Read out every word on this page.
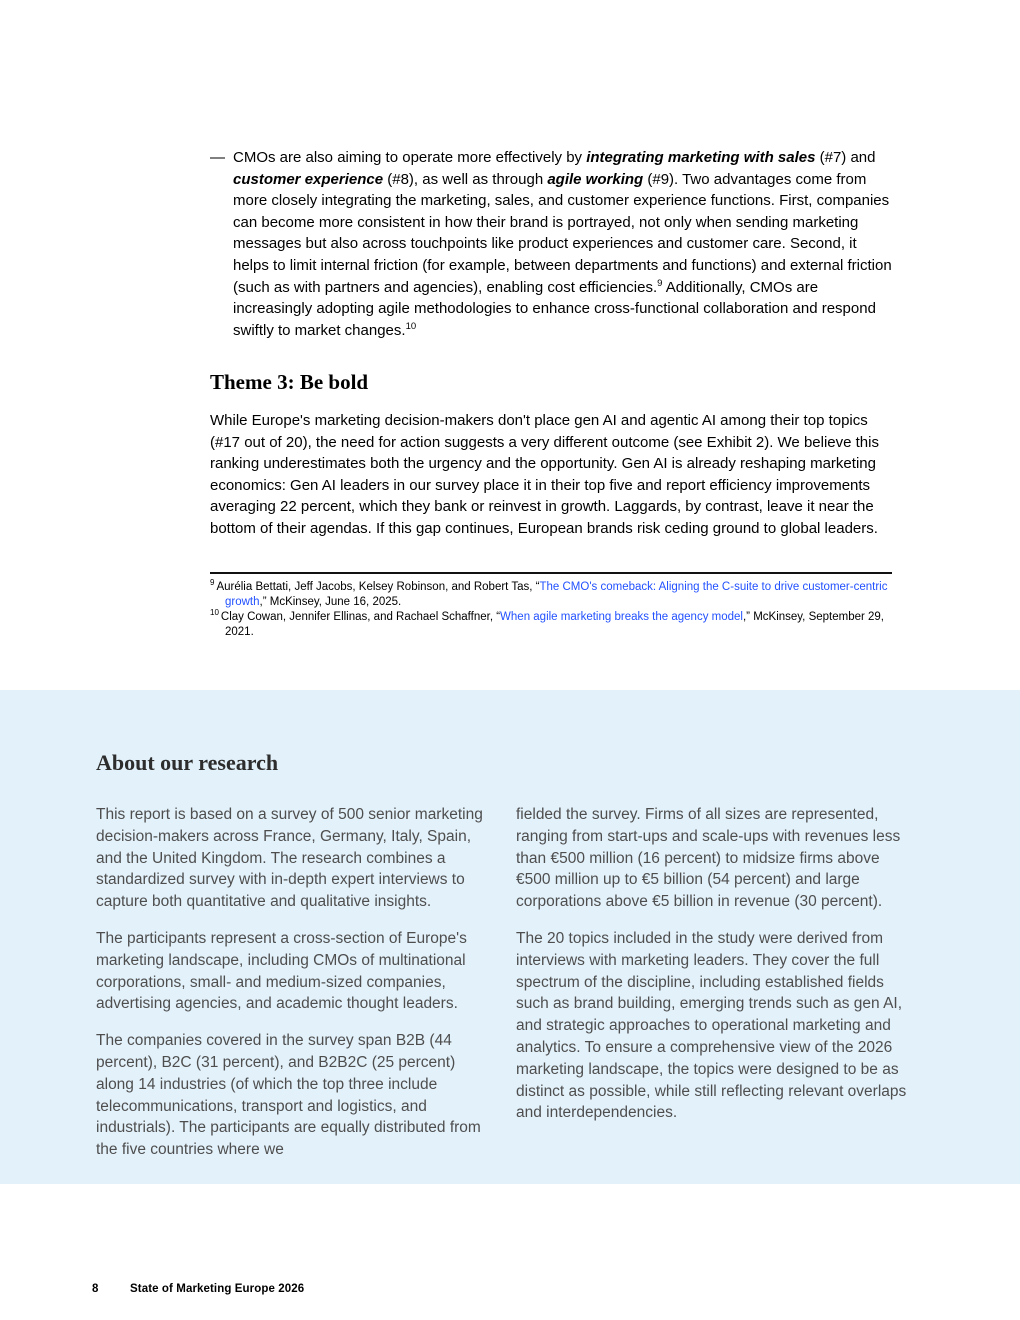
— CMOs are also aiming to operate more effectively by integrating marketing with sales (#7) and customer experience (#8), as well as through agile working (#9). Two advantages come from more closely integrating the marketing, sales, and customer experience functions. First, companies can become more consistent in how their brand is portrayed, not only when sending marketing messages but also across touchpoints like product experiences and customer care. Second, it helps to limit internal friction (for example, between departments and functions) and external friction (such as with partners and agencies), enabling cost efficiencies.$^9$ Additionally, CMOs are increasingly adopting agile methodologies to enhance cross-functional collaboration and respond swiftly to market changes.$^{10}$

Theme 3: Be bold

While Europe's marketing decision-makers don't place gen AI and agentic AI among their top topics (#17 out of 20), the need for action suggests a very different outcome (see Exhibit 2). We believe this ranking underestimates both the urgency and the opportunity. Gen AI is already reshaping marketing economics: Gen AI leaders in our survey place it in their top five and report efficiency improvements averaging 22 percent, which they bank or reinvest in growth. Laggards, by contrast, leave it near the bottom of their agendas. If this gap continues, European brands risk ceding ground to global leaders.

$^9$ Aurélia Bettati, Jeff Jacobs, Kelsey Robinson, and Robert Tas, “The CMO's comeback: Aligning the C-suite to drive customer-centric growth,” McKinsey, June 16, 2025.
$^{10}$ Clay Cowan, Jennifer Ellinas, and Rachael Schaffner, “When agile marketing breaks the agency model,” McKinsey, September 29, 2021.
About our research

This report is based on a survey of 500 senior marketing decision-makers across France, Germany, Italy, Spain, and the United Kingdom. The research combines a standardized survey with in-depth expert interviews to capture both quantitative and qualitative insights.

The participants represent a cross-section of Europe's marketing landscape, including CMOs of multinational corporations, small- and medium-sized companies, advertising agencies, and academic thought leaders.

The companies covered in the survey span B2B (44 percent), B2C (31 percent), and B2B2C (25 percent) along 14 industries (of which the top three include telecommunications, transport and logistics, and industrials). The participants are equally distributed from the five countries where we

fielded the survey. Firms of all sizes are represented, ranging from start-ups and scale-ups with revenues less than €500 million (16 percent) to midsize firms above €500 million up to €5 billion (54 percent) and large corporations above €5 billion in revenue (30 percent).

The 20 topics included in the study were derived from interviews with marketing leaders. They cover the full spectrum of the discipline, including established fields such as brand building, emerging trends such as gen AI, and strategic approaches to operational marketing and analytics. To ensure a comprehensive view of the 2026 marketing landscape, the topics were designed to be as distinct as possible, while still reflecting relevant overlaps and interdependencies.

8	State of Marketing Europe 2026
